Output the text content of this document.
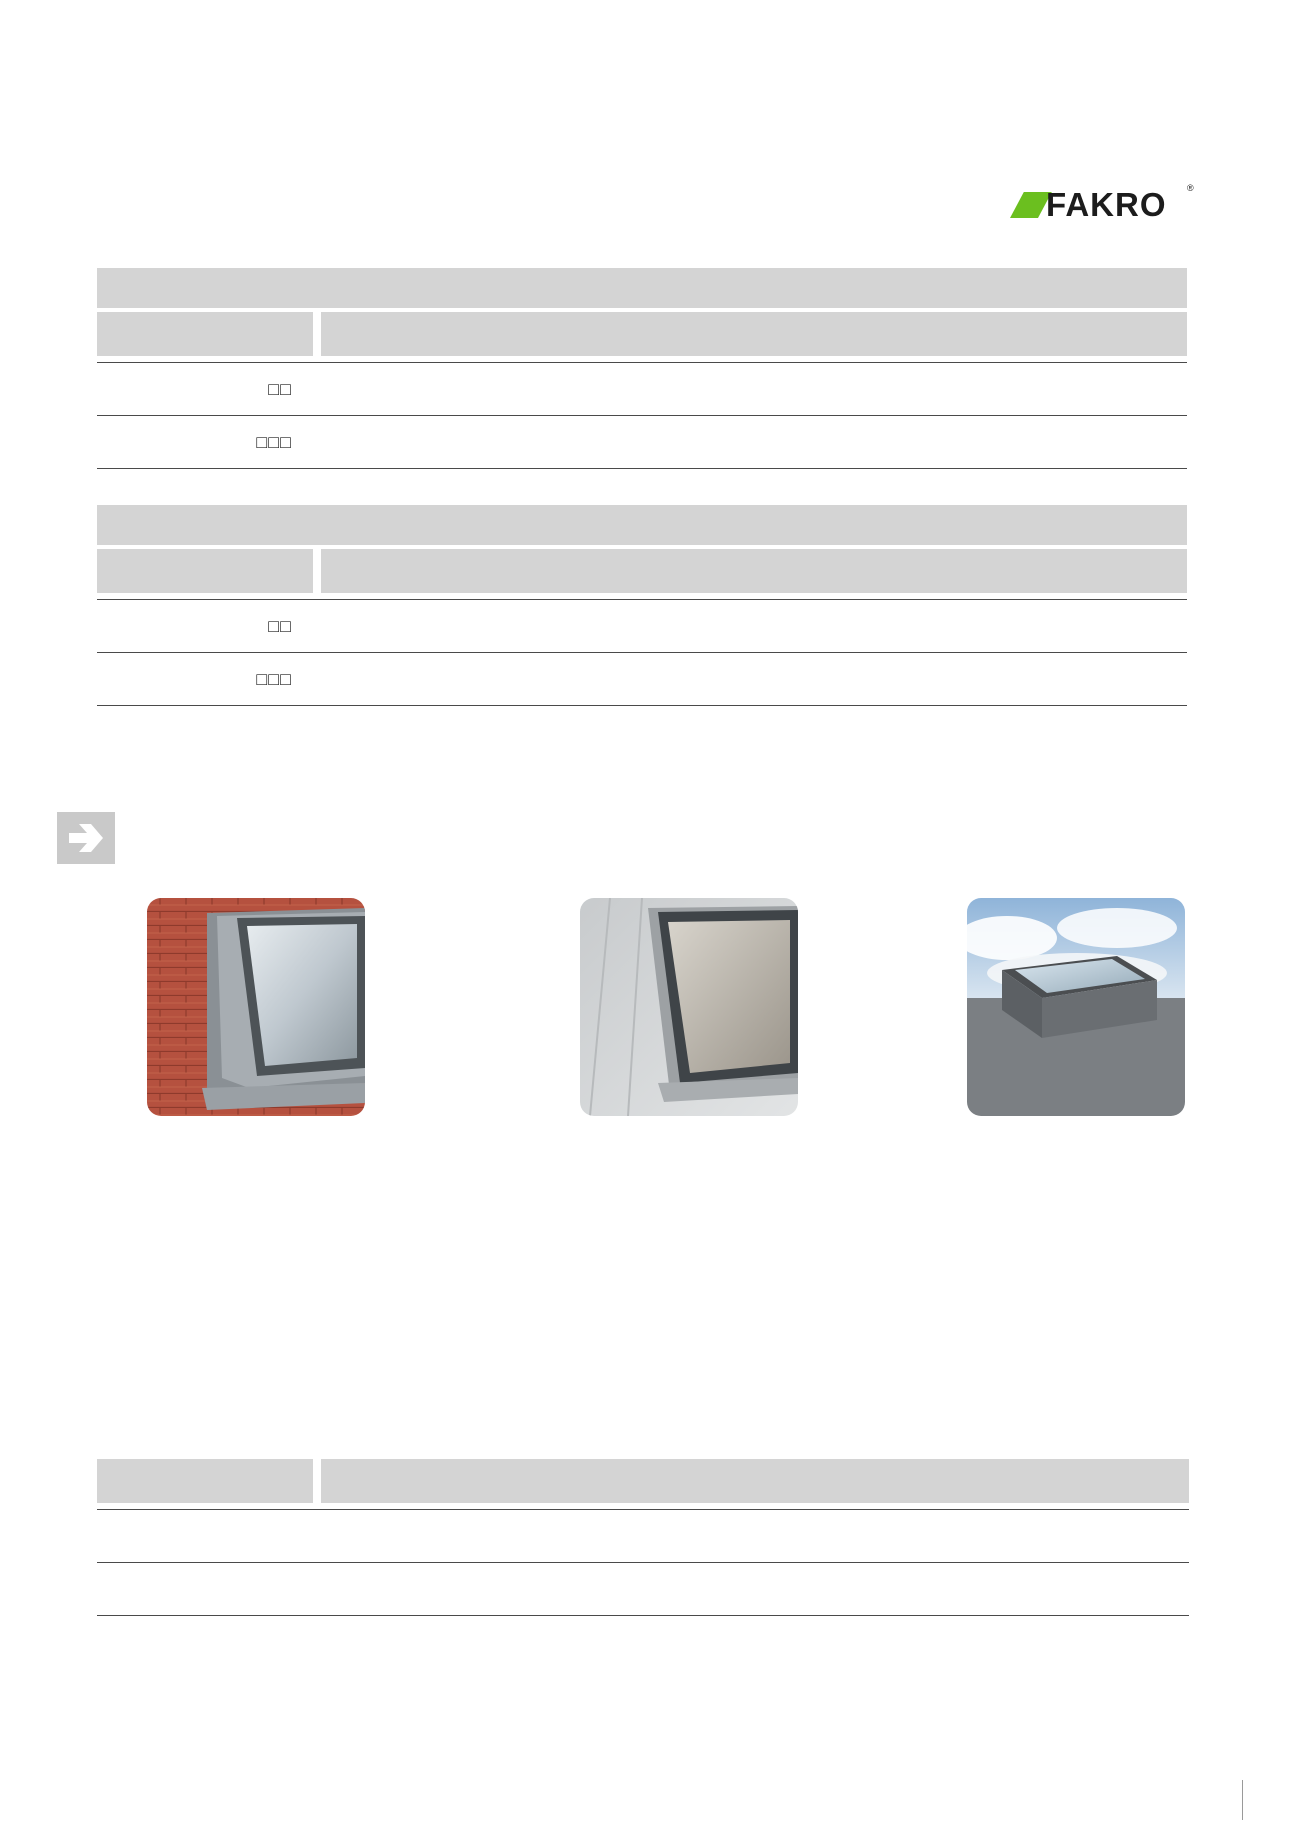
FAKRO ®
□□
□□□
□□
□□□
